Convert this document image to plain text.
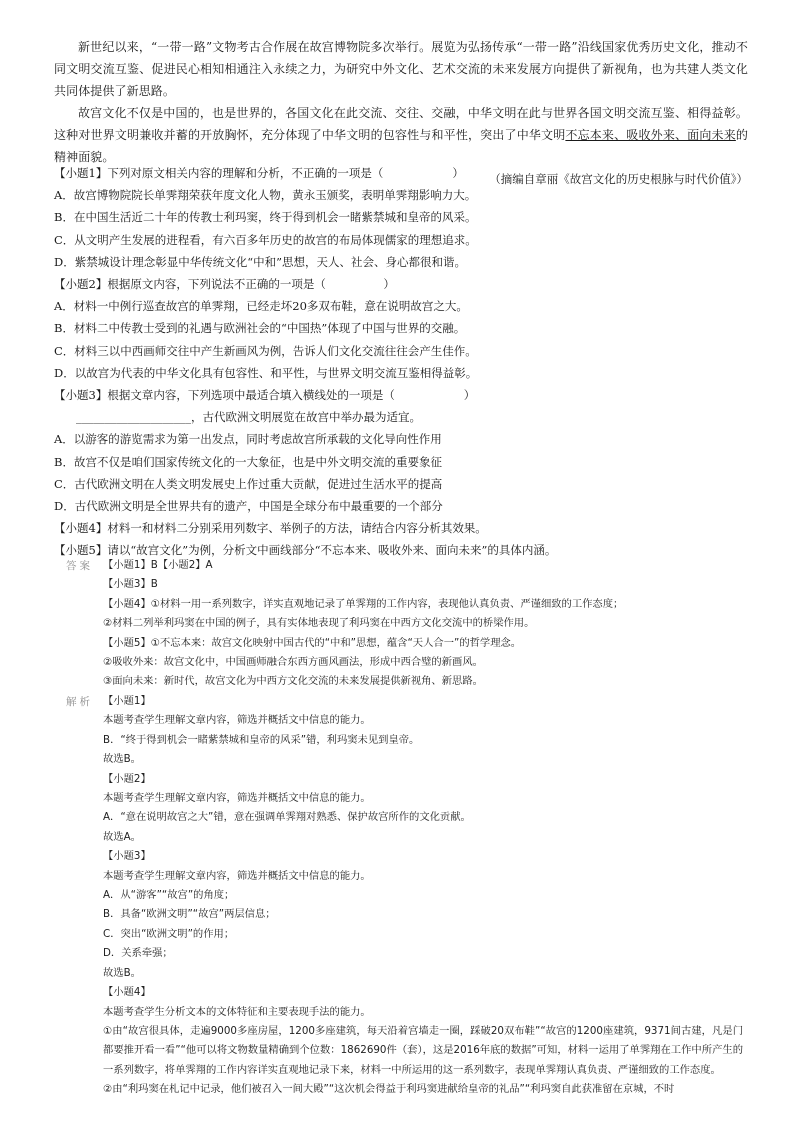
新世纪以来，“一带一路”文物考古合作展在故宫博物院多次举行。展览为弘扬传承“一带一路”沿线国家优秀历史文化，推动不同文明交流互鉴、促进民心相知相通注入永续之力，为研究中外文化、艺术交流的未来发展方向提供了新视角，也为共建人类文化共同体提供了新思路。

故宫文化不仅是中国的，也是世界的，各国文化在此交流、交往、交融，中华文明在此与世界各国文明交流互鉴、相得益彰。这种对世界文明兼收并蓄的开放胸怀，充分体现了中华文明的包容性与和平性，突出了中华文明不忘本来、吸收外来、面向未来的精神面貌。

（摘编自章丽《故宫文化的历史根脉与时代价值》）

【小题1】下列对原文相关内容的理解和分析，不正确的一项是（　　　　　　）

A．故宫博物院院长单霁翔荣获年度文化人物，黄永玉颁奖，表明单霁翔影响力大。

B．在中国生活近二十年的传教士利玛窦，终于得到机会一睹紫禁城和皇帝的风采。

C．从文明产生发展的进程看，有六百多年历史的故宫的布局体现儒家的理想追求。

D．紫禁城设计理念彰显中华传统文化“中和”思想，天人、社会、身心都很和谐。

【小题2】根据原文内容，下列说法不正确的一项是（　　　　　）

A．材料一中例行巡查故宫的单霁翔，已经走坏20多双布鞋，意在说明故宫之大。

B．材料二中传教士受到的礼遇与欧洲社会的“中国热”体现了中国与世界的交融。

C．材料三以中西画师交往中产生新画风为例，告诉人们文化交流往往会产生佳作。

D．以故宫为代表的中华文化具有包容性、和平性，与世界文明交流互鉴相得益彰。

【小题3】根据文章内容，下列选项中最适合填入横线处的一项是（　　　　　　）

____________________，古代欧洲文明展览在故宫中举办最为适宜。

A．以游客的游览需求为第一出发点，同时考虑故宫所承载的文化导向性作用

B．故宫不仅是咱们国家传统文化的一大象征，也是中外文明交流的重要象征

C．古代欧洲文明在人类文明发展史上作过重大贡献，促进过生活水平的提高

D．古代欧洲文明是全世界共有的遗产，中国是全球分布中最重要的一个部分

【小题4】材料一和材料二分别采用列数字、举例子的方法，请结合内容分析其效果。

【小题5】请以“故宫文化”为例，分析文中画线部分“不忘本来、吸收外来、面向未来”的具体内涵。

答案 【小题1】B【小题2】A

【小题3】B

【小题4】①材料一用一系列数字，详实直观地记录了单霁翔的工作内容，表现他认真负责、严谨细致的工作态度；

②材料二列举利玛窦在中国的例子，具有实体地表现了利玛窦在中西方文化交流中的桥梁作用。

【小题5】①不忘本来：故宫文化映射中国古代的“中和”思想，蕴含“天人合一”的哲学理念。

②吸收外来：故宫文化中，中国画师融合东西方画风画法，形成中西合璧的新画风。

③面向未来：新时代，故宫文化为中西方文化交流的未来发展提供新视角、新思路。

解析 【小题1】

本题考查学生理解文章内容，筛选并概括文中信息的能力。

B．“终于得到机会一睹紫禁城和皇帝的风采”错，利玛窦未见到皇帝。

故选B。

【小题2】

本题考查学生理解文章内容，筛选并概括文中信息的能力。

A．“意在说明故宫之大”错，意在强调单霁翔对熟悉、保护故宫所作的文化贡献。

故选A。

【小题3】

本题考查学生理解文章内容，筛选并概括文中信息的能力。

A．从“游客”“故宫”的角度；

B．具备“欧洲文明”“故宫”两层信息；

C．突出“欧洲文明”的作用；

D．关系牵强；

故选B。

【小题4】

本题考查学生分析文本的文体特征和主要表现手法的能力。

①由“故宫很具体，走遍9000多座房屋，1200多座建筑，每天沿着宫墙走一圈，踩破20双布鞋”“故宫的1200座建筑，9371间古建，凡是门都要推开看一看”“他可以将文物数量精确到个位数：1862690件（套），这是2016年底的数据”可知，材料一运用了单霁翔在工作中所产生的一系列数字，将单霁翔的工作内容详实直观地记录下来，材料一中所运用的这一系列数字，表现单霁翔认真负责、严谨细致的工作态度。

②由“利玛窦在札记中记录，他们被召入一间大殿”“这次机会得益于利玛窦进献给皇帝的礼品”“利玛窦自此获准留在京城，不时
